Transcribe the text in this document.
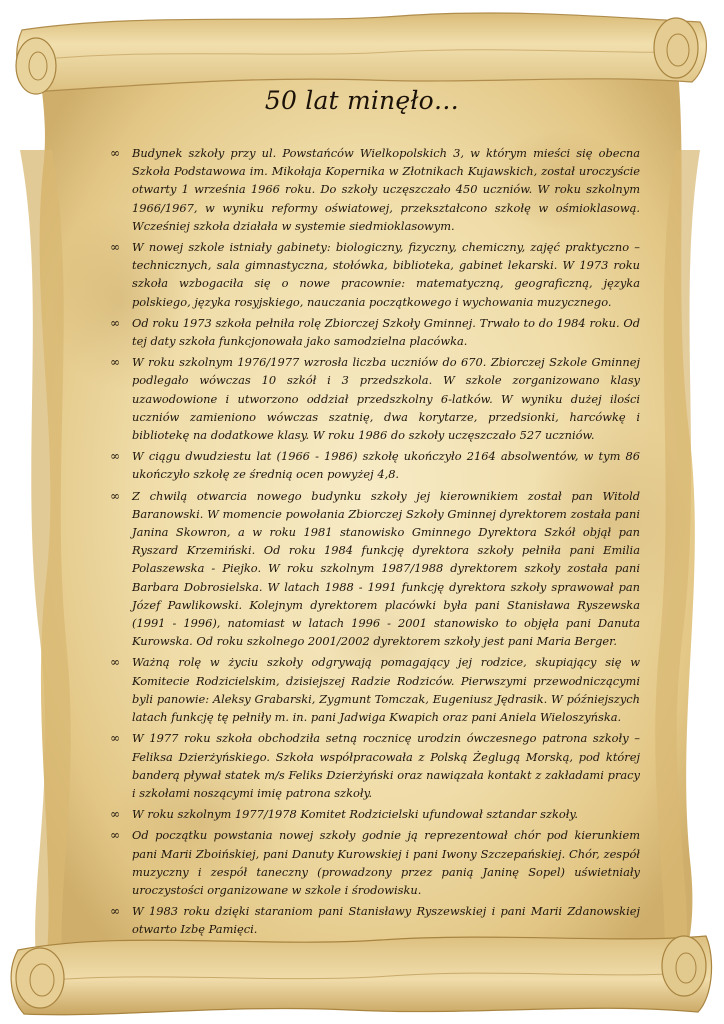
50 lat minęło…

∞ Budynek szkoły przy ul. Powstańców Wielkopolskich 3, w którym mieści się obecna Szkoła Podstawowa im. Mikołaja Kopernika w Złotnikach Kujawskich, został uroczyście otwarty 1 września 1966 roku. Do szkoły uczęszczało 450 uczniów. W roku szkolnym 1966/1967, w wyniku reformy oświatowej, przekształcono szkołę w ośmioklasową. Wcześniej szkoła działała w systemie siedmioklasowym.

∞ W nowej szkole istniały gabinety: biologiczny, fizyczny, chemiczny, zajęć praktyczno – technicznych, sala gimnastyczna, stołówka, biblioteka, gabinet lekarski. W 1973 roku szkoła wzbogaciła się o nowe pracownie: matematyczną, geograficzną, języka polskiego, języka rosyjskiego, nauczania początkowego i wychowania muzycznego.

∞ Od roku 1973 szkoła pełniła rolę Zbiorczej Szkoły Gminnej. Trwało to do 1984 roku. Od tej daty szkoła funkcjonowała jako samodzielna placówka.

∞ W roku szkolnym 1976/1977 wzrosła liczba uczniów do 670. Zbiorczej Szkole Gminnej podlegało wówczas 10 szkół i 3 przedszkola. W szkole zorganizowano klasy uzawodowione i utworzono oddział przedszkolny 6-latków. W wyniku dużej ilości uczniów zamieniono wówczas szatnię, dwa korytarze, przedsionki, harcówkę i bibliotekę na dodatkowe klasy. W roku 1986 do szkoły uczęszczało 527 uczniów.

∞ W ciągu dwudziestu lat (1966 - 1986) szkołę ukończyło 2164 absolwentów, w tym 86 ukończyło szkołę ze średnią ocen powyżej 4,8.

∞ Z chwilą otwarcia nowego budynku szkoły jej kierownikiem został pan Witold Baranowski. W momencie powołania Zbiorczej Szkoły Gminnej dyrektorem została pani Janina Skowron, a w roku 1981 stanowisko Gminnego Dyrektora Szkół objął pan Ryszard Krzemiński. Od roku 1984 funkcję dyrektora szkoły pełniła pani Emilia Polaszewska - Piejko. W roku szkolnym 1987/1988 dyrektorem szkoły została pani Barbara Dobrosielska. W latach 1988 - 1991 funkcję dyrektora szkoły sprawował pan Józef Pawlikowski. Kolejnym dyrektorem placówki była pani Stanisława Ryszewska (1991 - 1996), natomiast w latach 1996 - 2001 stanowisko to objęła pani Danuta Kurowska. Od roku szkolnego 2001/2002 dyrektorem szkoły jest pani Maria Berger.

∞ Ważną rolę w życiu szkoły odgrywają pomagający jej rodzice, skupiający się w Komitecie Rodzicielskim, dzisiejszej Radzie Rodziców. Pierwszymi przewodniczącymi byli panowie: Aleksy Grabarski, Zygmunt Tomczak, Eugeniusz Jędrasik. W późniejszych latach funkcję tę pełniły m. in. pani Jadwiga Kwapich oraz pani Aniela Wieloszyńska.

∞ W 1977 roku szkoła obchodziła setną rocznicę urodzin ówczesnego patrona szkoły – Feliksa Dzierżyńskiego. Szkoła współpracowała z Polską Żeglugą Morską, pod której banderą pływał statek m/s Feliks Dzierżyński oraz nawiązała kontakt z zakładami pracy i szkołami noszącymi imię patrona szkoły.

∞ W roku szkolnym 1977/1978 Komitet Rodzicielski ufundował sztandar szkoły.

∞ Od początku powstania nowej szkoły godnie ją reprezentował chór pod kierunkiem pani Marii Zboińskiej, pani Danuty Kurowskiej i pani Iwony Szczepańskiej. Chór, zespół muzyczny i zespół taneczny (prowadzony przez panią Janinę Sopel) uświetniały uroczystości organizowane w szkole i środowisku.

∞ W 1983 roku dzięki staraniom pani Stanisławy Ryszewskiej i pani Marii Zdanowskiej otwarto Izbę Pamięci.
